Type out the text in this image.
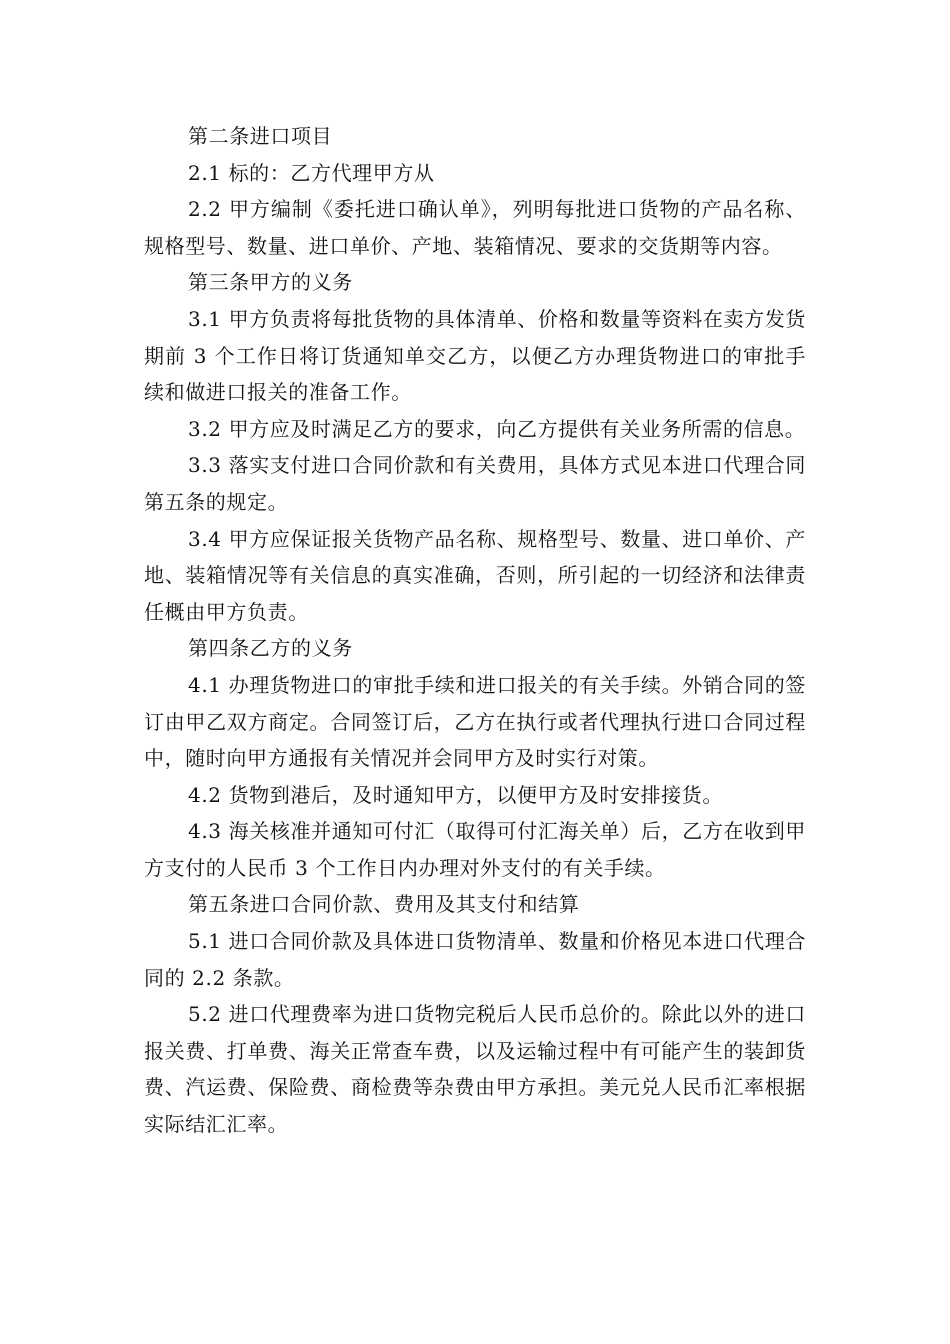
第二条进口项目

2.1 标的：乙方代理甲方从

2.2 甲方编制《委托进口确认单》，列明每批进口货物的产品名称、规格型号、数量、进口单价、产地、装箱情况、要求的交货期等内容。

第三条甲方的义务

3.1 甲方负责将每批货物的具体清单、价格和数量等资料在卖方发货期前 3 个工作日将订货通知单交乙方，以便乙方办理货物进口的审批手续和做进口报关的准备工作。

3.2 甲方应及时满足乙方的要求，向乙方提供有关业务所需的信息。

3.3 落实支付进口合同价款和有关费用，具体方式见本进口代理合同第五条的规定。

3.4 甲方应保证报关货物产品名称、规格型号、数量、进口单价、产地、装箱情况等有关信息的真实准确，否则，所引起的一切经济和法律责任概由甲方负责。

第四条乙方的义务

4.1 办理货物进口的审批手续和进口报关的有关手续。外销合同的签订由甲乙双方商定。合同签订后，乙方在执行或者代理执行进口合同过程中，随时向甲方通报有关情况并会同甲方及时实行对策。

4.2 货物到港后，及时通知甲方，以便甲方及时安排接货。

4.3 海关核准并通知可付汇（取得可付汇海关单）后，乙方在收到甲方支付的人民币 3 个工作日内办理对外支付的有关手续。

第五条进口合同价款、费用及其支付和结算

5.1 进口合同价款及具体进口货物清单、数量和价格见本进口代理合同的 2.2 条款。

5.2 进口代理费率为进口货物完税后人民币总价的。除此以外的进口报关费、打单费、海关正常查车费，以及运输过程中有可能产生的装卸货费、汽运费、保险费、商检费等杂费由甲方承担。美元兑人民币汇率根据实际结汇汇率。
